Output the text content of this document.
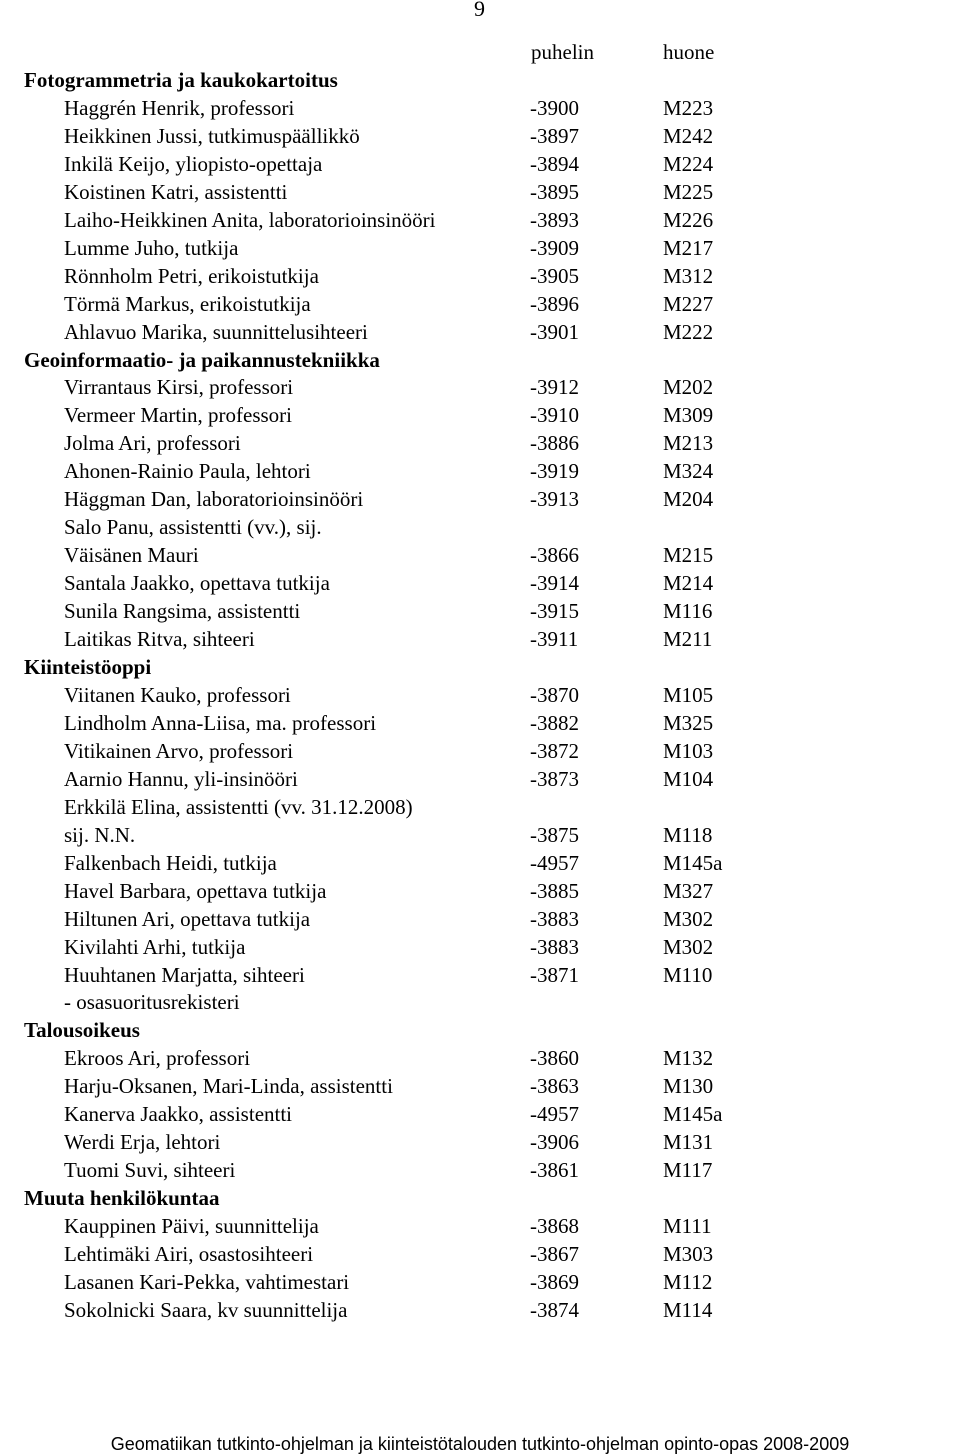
9
puhelin	huone
Fotogrammetria ja kaukokartoitus
Haggrén Henrik, professori	-3900	M223
Heikkinen Jussi, tutkimuspäällikkö	-3897	M242
Inkilä Keijo, yliopisto-opettaja	-3894	M224
Koistinen Katri, assistentti	-3895	M225
Laiho-Heikkinen Anita, laboratorioinsinööri	-3893	M226
Lumme Juho, tutkija	-3909	M217
Rönnholm Petri, erikoistutkija	-3905	M312
Törmä Markus, erikoistutkija	-3896	M227
Ahlavuo Marika, suunnittelusihteeri	-3901	M222
Geoinformaatio- ja paikannustekniikka
Virrantaus Kirsi, professori	-3912	M202
Vermeer Martin, professori	-3910	M309
Jolma Ari, professori	-3886	M213
Ahonen-Rainio Paula, lehtori	-3919	M324
Häggman Dan, laboratorioinsinööri	-3913	M204
Salo Panu, assistentti (vv.), sij.
Väisänen Mauri	-3866	M215
Santala Jaakko, opettava tutkija	-3914	M214
Sunila Rangsima, assistentti	-3915	M116
Laitikas Ritva, sihteeri	-3911	M211
Kiinteistöoppi
Viitanen Kauko, professori	-3870	M105
Lindholm Anna-Liisa, ma. professori	-3882	M325
Vitikainen Arvo, professori	-3872	M103
Aarnio Hannu, yli-insinööri	-3873	M104
Erkkilä Elina, assistentti (vv. 31.12.2008)
sij. N.N.	-3875	M118
Falkenbach Heidi, tutkija	-4957	M145a
Havel Barbara, opettava tutkija	-3885	M327
Hiltunen Ari, opettava tutkija	-3883	M302
Kivilahti Arhi, tutkija	-3883	M302
Huuhtanen Marjatta, sihteeri	-3871	M110
- osasuoritusrekisteri
Talousoikeus
Ekroos Ari, professori	-3860	M132
Harju-Oksanen, Mari-Linda, assistentti	-3863	M130
Kanerva Jaakko, assistentti	-4957	M145a
Werdi Erja, lehtori	-3906	M131
Tuomi Suvi, sihteeri	-3861	M117
Muuta henkilökuntaa
Kauppinen Päivi, suunnittelija	-3868	M111
Lehtimäki Airi, osastosihteeri	-3867	M303
Lasanen Kari-Pekka, vahtimestari	-3869	M112
Sokolnicki Saara, kv suunnittelija	-3874	M114
Geomatiikan tutkinto-ohjelman ja kiinteistötalouden tutkinto-ohjelman opinto-opas 2008-2009
